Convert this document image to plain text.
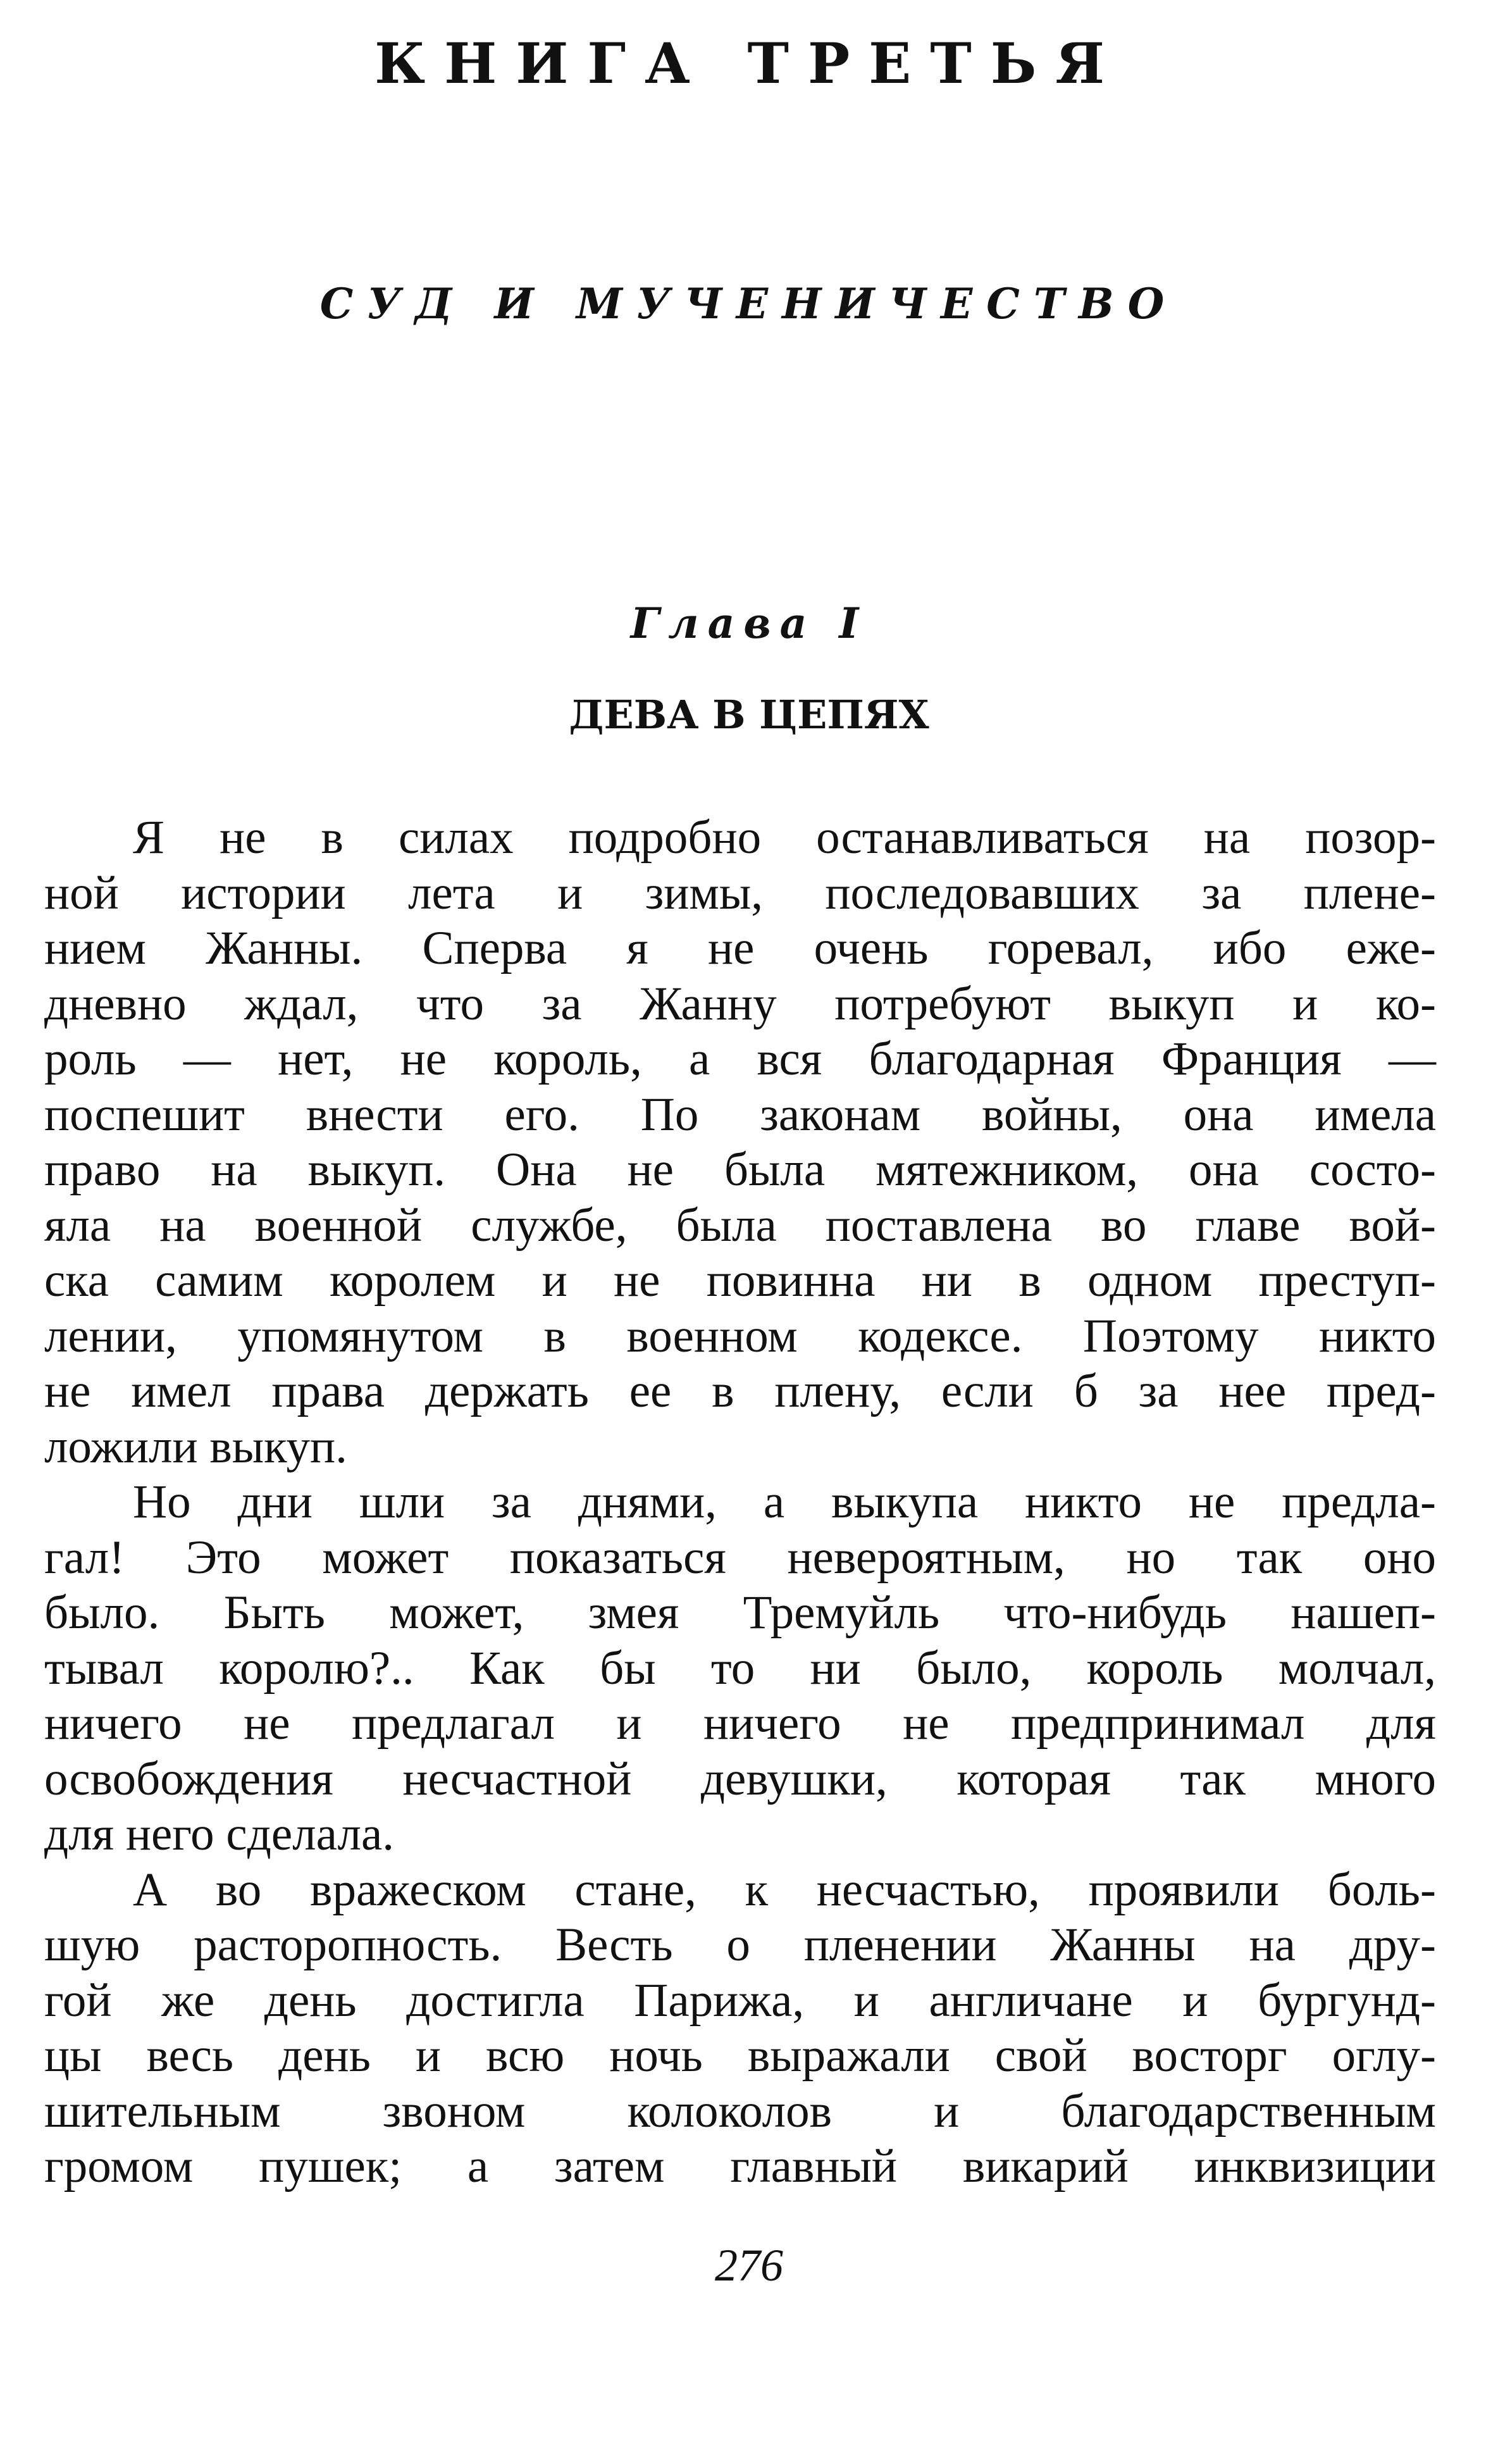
КНИГА ТРЕТЬЯ
СУД И МУЧЕНИЧЕСТВО
Глава I
ДЕВА В ЦЕПЯХ
Я не в силах подробно останавливаться на позор-
ной истории лета и зимы, последовавших за плене-
нием Жанны. Сперва я не очень горевал, ибо еже-
дневно ждал, что за Жанну потребуют выкуп и ко-
роль — нет, не король, а вся благодарная Франция —
поспешит внести его. По законам войны, она имела
право на выкуп. Она не была мятежником, она состо-
яла на военной службе, была поставлена во главе вой-
ска самим королем и не повинна ни в одном преступ-
лении, упомянутом в военном кодексе. Поэтому никто
не имел права держать ее в плену, если б за нее пред-
ложили выкуп.
Но дни шли за днями, а выкупа никто не предла-
гал! Это может показаться невероятным, но так оно
было. Быть может, змея Тремуйль что-нибудь нашеп-
тывал королю?.. Как бы то ни было, король молчал,
ничего не предлагал и ничего не предпринимал для
освобождения несчастной девушки, которая так много
для него сделала.
А во вражеском стане, к несчастью, проявили боль-
шую расторопность. Весть о пленении Жанны на дру-
гой же день достигла Парижа, и англичане и бургунд-
цы весь день и всю ночь выражали свой восторг оглу-
шительным звоном колоколов и благодарственным
громом пушек; а затем главный викарий инквизиции
276
